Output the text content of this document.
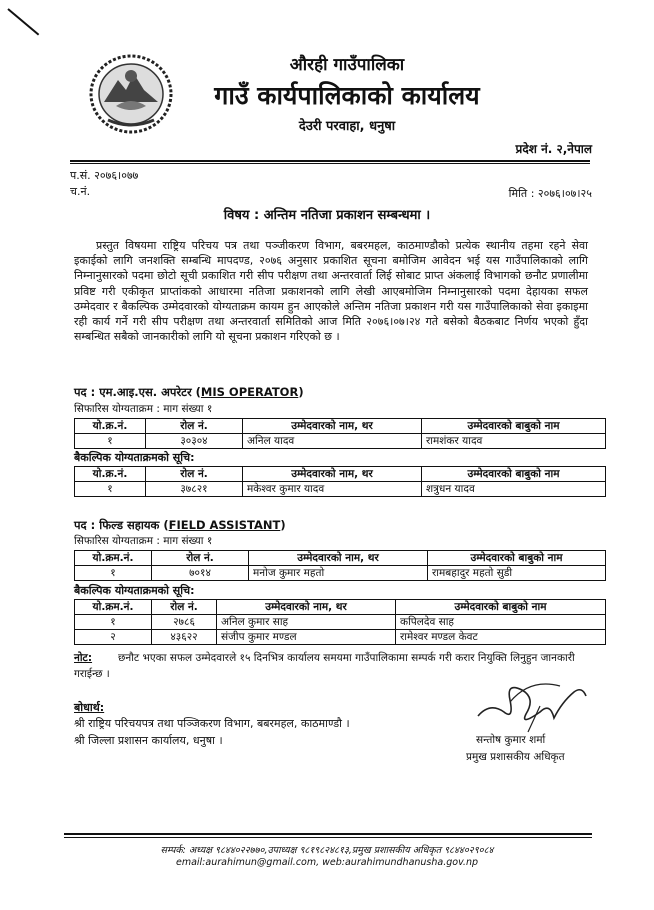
औरही गाउँपालिका
गाउँ कार्यपालिकाको कार्यालय
देउरी परवाहा, धनुषा
प्रदेश नं. २,नेपाल
प.सं. २०७६।०७७
च.नं.	मिति : २०७६।०७।२५
विषय : अन्तिम नतिजा प्रकाशन सम्बन्धमा ।
प्रस्तुत विषयमा राष्ट्रिय परिचय पत्र तथा पञ्जीकरण विभाग, बबरमहल, काठमाण्डौको प्रत्येक स्थानीय तहमा रहने सेवा इकाईको लागि जनशक्ति सम्बन्धि मापदण्ड, २०७६ अनुसार प्रकाशित सूचना बमोजिम आवेदन भई यस गाउँपालिकाको लागि निम्नानुसारको पदमा छोटो सूची प्रकाशित गरी सीप परीक्षण तथा अन्तरवार्ता लिई सोबाट प्राप्त अंकलाई विभागको छनौट प्रणालीमा प्रविष्ट गरी एकीकृत प्राप्तांकको आधारमा नतिजा प्रकाशनको लागि लेखी आएबमोजिम निम्नानुसारको पदमा देहायका सफल उम्मेदवार र बैकल्पिक उम्मेदवारको योग्यताक्रम कायम हुन आएकोले अन्तिम नतिजा प्रकाशन गरी यस गाउँपालिकाको सेवा इकाइमा रही कार्य गर्ने गरी सीप परीक्षण तथा अन्तरवार्ता समितिको आज मिति २०७६।०७।२४ गते बसेको बैठकबाट निर्णय भएको हुँदा सम्बन्धित सबैको जानकारीको लागि यो सूचना प्रकाशन गरिएको छ ।
पद : एम.आइ.एस. अपरेटर (MIS OPERATOR)
सिफारिस योग्यताक्रम : माग संख्या १
यो.क्र.नं.	रोल नं.	उम्मेदवारको नाम, थर	उम्मेदवारको बाबुको नाम
१	३०३०४	अनिल यादव	रामशंकर यादव
बैकल्पिक योग्यताक्रमको सूचि:
यो.क्र.नं.	रोल नं.	उम्मेदवारको नाम, थर	उम्मेदवारको बाबुको नाम
१	३७८२१	मकेश्वर कुमार यादव	शत्रुधन यादव
पद : फिल्ड सहायक (FIELD ASSISTANT)
सिफारिस योग्यताक्रम : माग संख्या १
यो.क्रम.नं.	रोल नं.	उम्मेदवारको नाम, थर	उम्मेदवारको बाबुको नाम
१	७०१४	मनोज कुमार महतो	रामबहादुर महतो सुडी
बैकल्पिक योग्यताक्रमको सूचि:
यो.क्रम.नं.	रोल नं.	उम्मेदवारको नाम, थर	उम्मेदवारको बाबुको नाम
१	२७८६	अनिल कुमार साह	कपिलदेव साह
२	४३६२२	संजीप कुमार मण्डल	रामेश्वर मण्डल केवट
नोट: छनौट भएका सफल उम्मेदवारले १५ दिनभित्र कार्यालय समयमा गाउँपालिकामा सम्पर्क गरी करार नियुक्ति लिनुहुन जानकारी गराईन्छ ।
बोधार्थ:
श्री राष्ट्रिय परिचयपत्र तथा पञ्जिकरण विभाग, बबरमहल, काठमाण्डौ ।
श्री जिल्ला प्रशासन कार्यालय, धनुषा ।	सन्तोष कुमार शर्मा
प्रमुख प्रशासकीय अधिकृत
सम्पर्क: अध्यक्ष ९८४४०२२७७०,उपाध्यक्ष ९८१९८२४८१३,प्रमुख प्रशासकीय अधिकृत ९८४४०२९०८४
email:aurahimun@gmail.com, web:aurahimundhanusha.gov.np
